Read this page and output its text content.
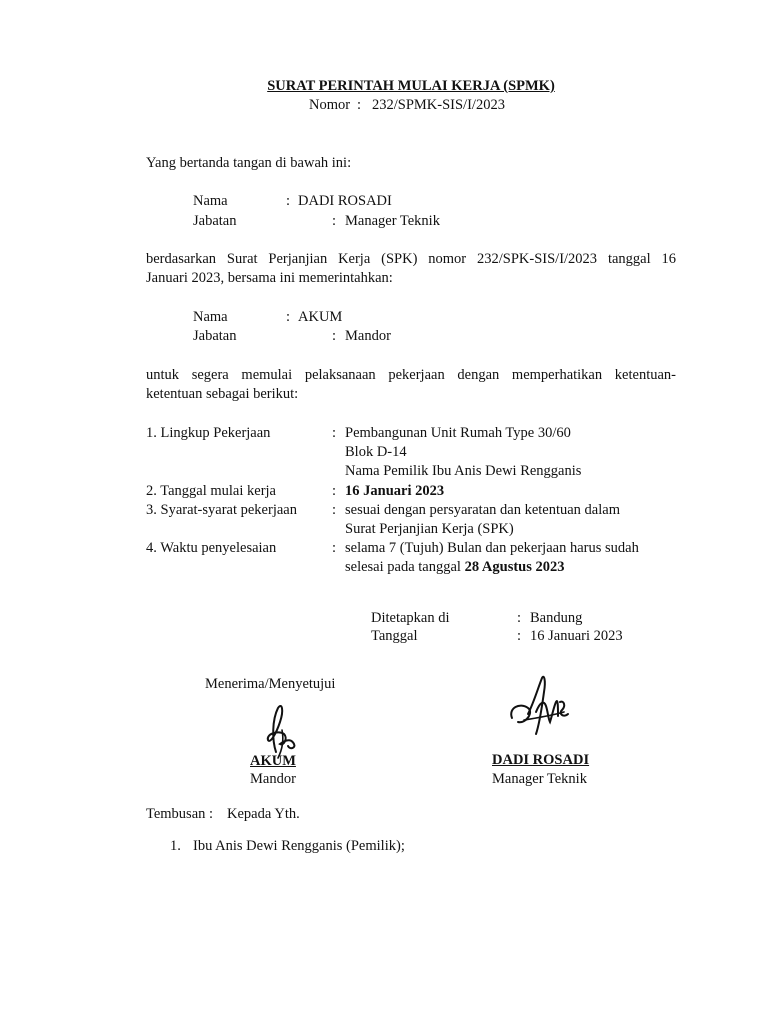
SURAT PERINTAH MULAI KERJA (SPMK)
Nomor : 232/SPMK-SIS/I/2023
Yang bertanda tangan di bawah ini:
Nama	: DADI ROSADI
Jabatan	: Manager Teknik
berdasarkan Surat Perjanjian Kerja (SPK) nomor 232/SPK-SIS/I/2023 tanggal 16
Januari 2023, bersama ini memerintahkan:
Nama	: AKUM
Jabatan	: Mandor
untuk segera memulai pelaksanaan pekerjaan dengan memperhatikan ketentuan-
ketentuan sebagai berikut:
1. Lingkup Pekerjaan	: Pembangunan Unit Rumah Type 30/60
Blok D-14
Nama Pemilik Ibu Anis Dewi Rengganis
2. Tanggal mulai kerja	: 16 Januari 2023
3. Syarat-syarat pekerjaan : sesuai dengan persyaratan dan ketentuan dalam
Surat Perjanjian Kerja (SPK)
4. Waktu penyelesaian	: selama 7 (Tujuh) Bulan dan pekerjaan harus sudah
selesai pada tanggal 28 Agustus 2023
Ditetapkan di	: Bandung
Tanggal	: 16 Januari 2023
Menerima/Menyetujui
AKUM
Mandor
DADI ROSADI
Manager Teknik
Tembusan : Kepada Yth.
1. Ibu Anis Dewi Rengganis (Pemilik);
